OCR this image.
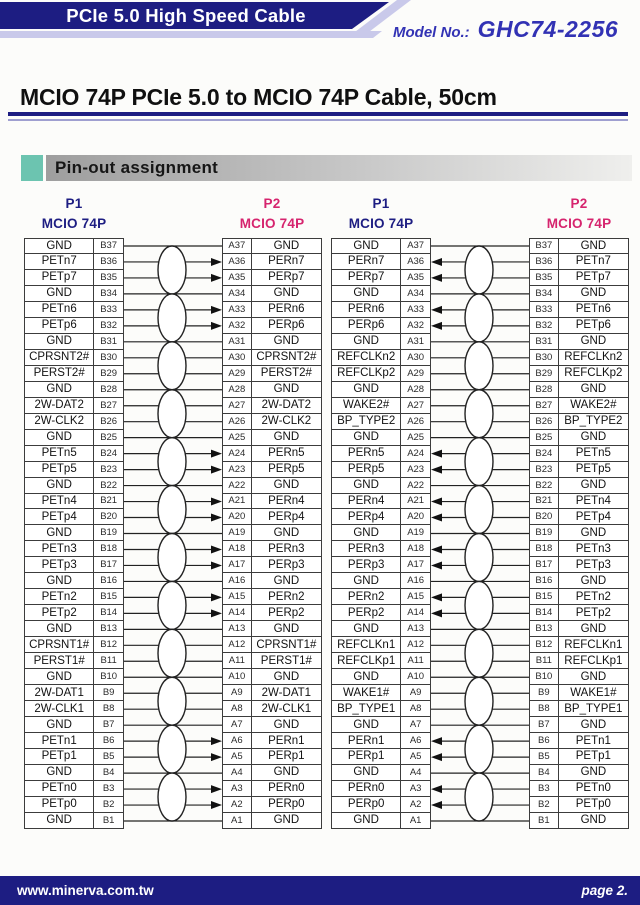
PCIe 5.0 High Speed Cable
Model No.: GHC74-2256
MCIO 74P PCIe 5.0 to MCIO 74P Cable, 50cm
Pin-out assignment
P1
MCIO 74P
P2
MCIO 74P
GND	B37
PETn7	B36
PETp7	B35
GND	B34
PETn6	B33
PETp6	B32
GND	B31
CPRSNT2#	B30
PERST2#	B29
GND	B28
2W-DAT2	B27
2W-CLK2	B26
GND	B25
PETn5	B24
PETp5	B23
GND	B22
PETn4	B21
PETp4	B20
GND	B19
PETn3	B18
PETp3	B17
GND	B16
PETn2	B15
PETp2	B14
GND	B13
CPRSNT1#	B12
PERST1#	B11
GND	B10
2W-DAT1	B9
2W-CLK1	B8
GND	B7
PETn1	B6
PETp1	B5
GND	B4
PETn0	B3
PETp0	B2
GND	B1
A37	GND
A36	PERn7
A35	PERp7
A34	GND
A33	PERn6
A32	PERp6
A31	GND
A30 CPRSNT2#
A29	PERST2#
A28	GND
A27	2W-DAT2
A26	2W-CLK2
A25	GND
A24	PERn5
A23	PERp5
A22	GND
A21	PERn4
A20	PERp4
A19	GND
A18	PERn3
A17	PERp3
A16	GND
A15	PERn2
A14	PERp2
A13	GND
A12 CPRSNT1#
A11	PERST1#
A10	GND
A9	2W-DAT1
A8	2W-CLK1
A7	GND
A6	PERn1
A5	PERp1
A4	GND
A3	PERn0
A2	PERp0
A1	GND
P1
MCIO 74P
P2
MCIO 74P
GND	A37
PERn7	A36
PERp7	A35
GND	A34
PERn6	A33
PERp6	A32
GND	A31
REFCLKn2	A30
REFCLKp2	A29
GND	A28
WAKE2#	A27
BP_TYPE2	A26
GND	A25
PERn5	A24
PERp5	A23
GND	A22
PERn4	A21
PERp4	A20
GND	A19
PERn3	A18
PERp3	A17
GND	A16
PERn2	A15
PERp2	A14
GND	A13
REFCLKn1	A12
REFCLKp1	A11
GND	A10
WAKE1#	A9
BP_TYPE1	A8
GND	A7
PERn1	A6
PERp1	A5
GND	A4
PERn0	A3
PERp0	A2
GND	A1
B37	GND
B36	PETn7
B35	PETp7
B34	GND
B33	PETn6
B32	PETp6
B31	GND
B30	REFCLKn2
B29	REFCLKp2
B28	GND
B27	WAKE2#
B26	BP_TYPE2
B25	GND
B24	PETn5
B23	PETp5
B22	GND
B21	PETn4
B20	PETp4
B19	GND
B18	PETn3
B17	PETp3
B16	GND
B15	PETn2
B14	PETp2
B13	GND
B12	REFCLKn1
B11	REFCLKp1
B10	GND
B9	WAKE1#
B8	BP_TYPE1
B7	GND
B6	PETn1
B5	PETp1
B4	GND
B3	PETn0
B2	PETp0
B1	GND
www.minerva.com.tw	page 2.
